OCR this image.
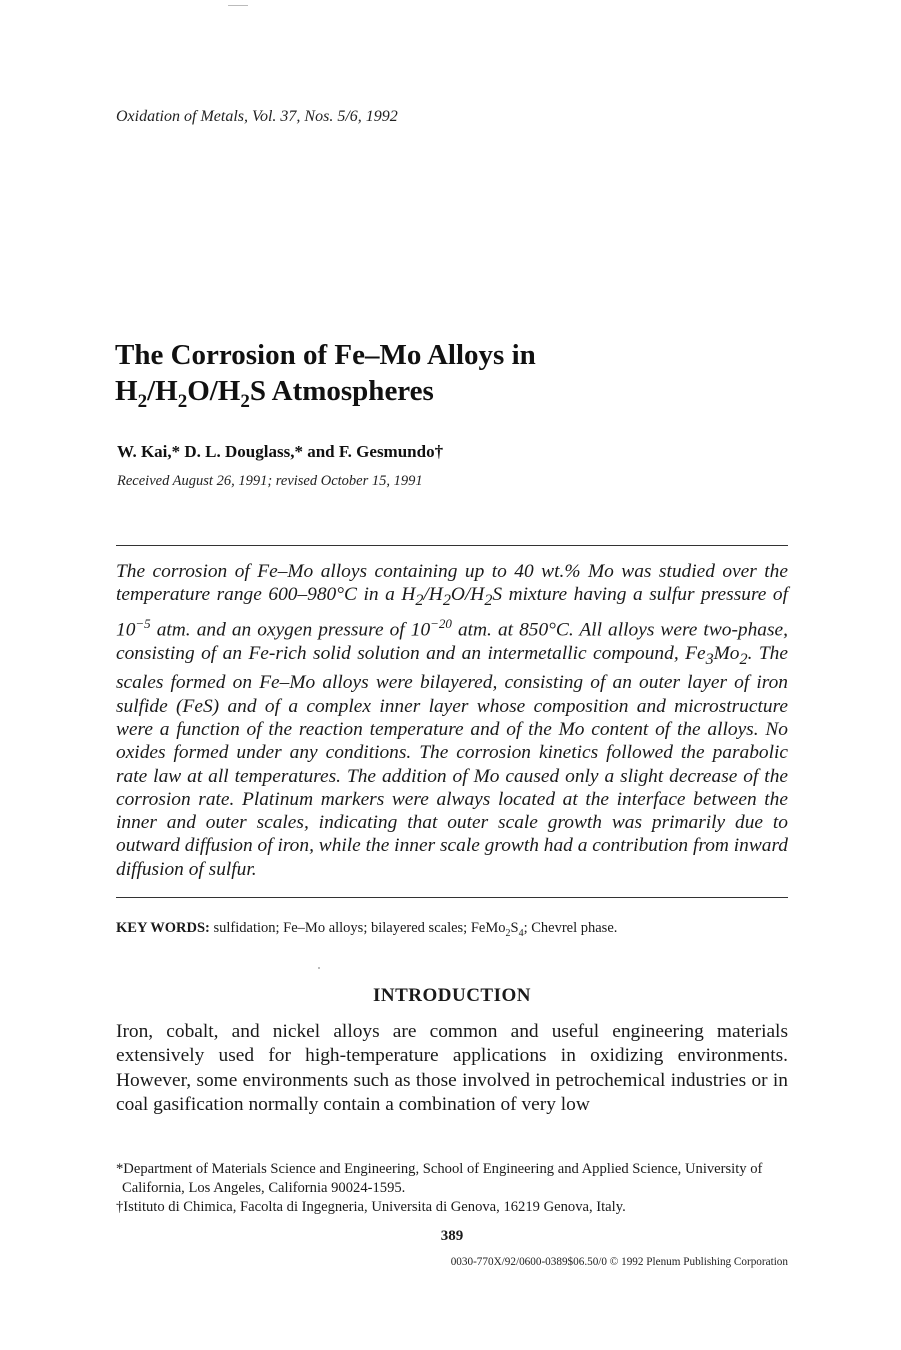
Oxidation of Metals, Vol. 37, Nos. 5/6, 1992
The Corrosion of Fe–Mo Alloys in
$H_2/H_2O/H_2S$ Atmospheres
W. Kai,* D. L. Douglass,* and F. Gesmundo†
Received August 26, 1991; revised October 15, 1991
The corrosion of Fe–Mo alloys containing up to 40 wt.% Mo was studied over the temperature range 600–980°C in a $H_2/H_2O/H_2S$ mixture having a sulfur pressure of $10^{-5}$ atm. and an oxygen pressure of $10^{-20}$ atm. at 850°C. All alloys were two-phase, consisting of an Fe-rich solid solution and an intermetallic compound, $Fe_3Mo_2$. The scales formed on Fe–Mo alloys were bilayered, consisting of an outer layer of iron sulfide (FeS) and of a complex inner layer whose composition and microstructure were a function of the reaction temperature and of the Mo content of the alloys. No oxides formed under any conditions. The corrosion kinetics followed the parabolic rate law at all temperatures. The addition of Mo caused only a slight decrease of the corrosion rate. Platinum markers were always located at the interface between the inner and outer scales, indicating that outer scale growth was primarily due to outward diffusion of iron, while the inner scale growth had a contribution from inward diffusion of sulfur.
KEY WORDS: sulfidation; Fe–Mo alloys; bilayered scales; $FeMo_2S_4$; Chevrel phase.
INTRODUCTION
Iron, cobalt, and nickel alloys are common and useful engineering materials extensively used for high-temperature applications in oxidizing environments. However, some environments such as those involved in petrochemical industries or in coal gasification normally contain a combination of very low
*Department of Materials Science and Engineering, School of Engineering and Applied Science, University of California, Los Angeles, California 90024-1595.
†Istituto di Chimica, Facolta di Ingegneria, Universita di Genova, 16219 Genova, Italy.
389
0030-770X/92/0600-0389$06.50/0 © 1992 Plenum Publishing Corporation
